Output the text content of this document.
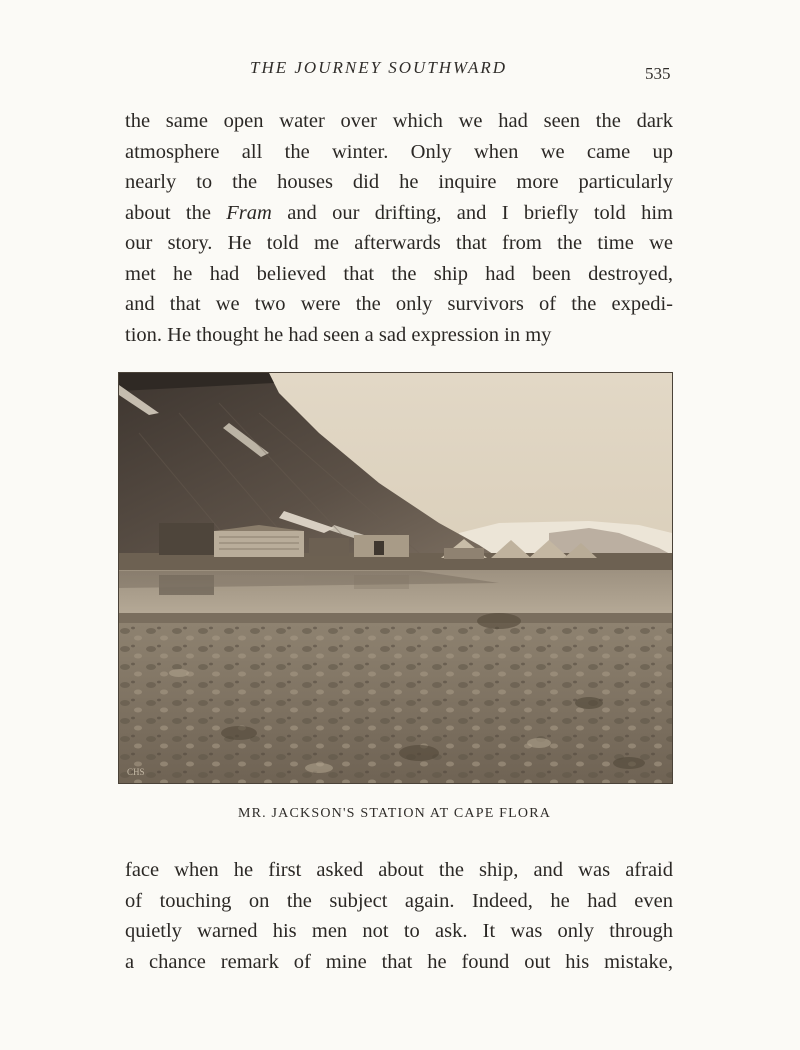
THE JOURNEY SOUTHWARD	535
the same open water over which we had seen the dark
atmosphere all the winter. Only when we came up
nearly to the houses did he inquire more particularly
about the Fram and our drifting, and I briefly told him
our story. He told me afterwards that from the time we
met he had believed that the ship had been destroyed,
and that we two were the only survivors of the expedi-
tion. He thought he had seen a sad expression in my
CHS
MR. JACKSON'S STATION AT CAPE FLORA
face when he first asked about the ship, and was afraid
of touching on the subject again. Indeed, he had even
quietly warned his men not to ask. It was only through
a chance remark of mine that he found out his mistake,
